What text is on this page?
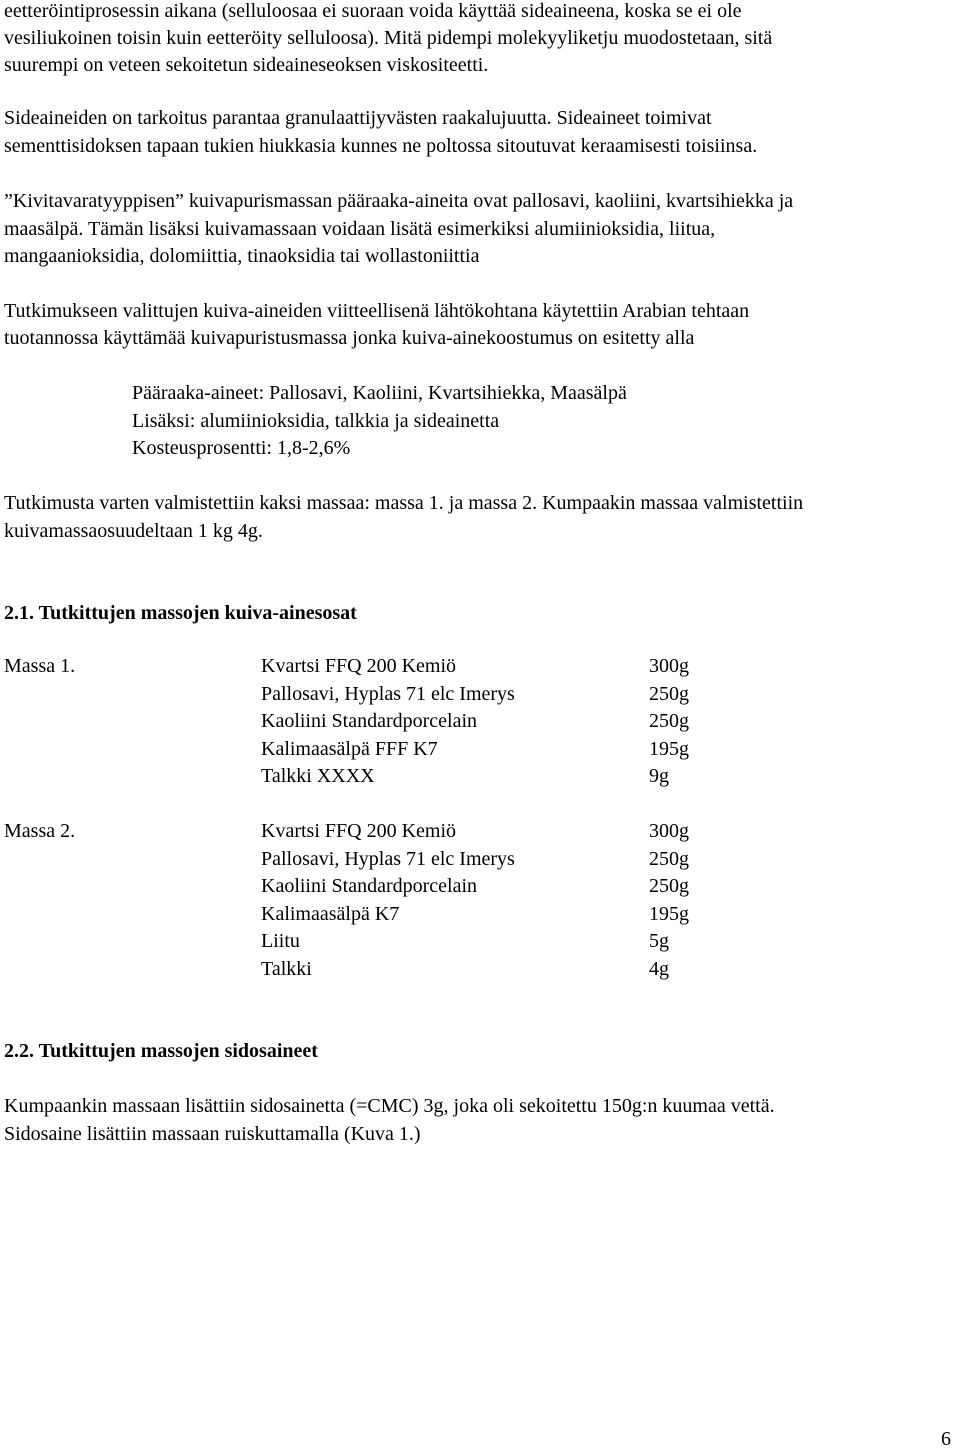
eetteröintiprosessin aikana (selluloosaa ei suoraan voida käyttää sideaineena, koska se ei ole
vesiliukoinen toisin kuin eetteröity selluloosa). Mitä pidempi molekyyliketju muodostetaan, sitä
suurempi on veteen sekoitetun sideaineseoksen viskositeetti.
Sideaineiden on tarkoitus parantaa granulaattijyvästen raakalujuutta. Sideaineet toimivat
sementtisidoksen tapaan tukien hiukkasia kunnes ne poltossa sitoutuvat keraamisesti toisiinsa.
”Kivitavaratyyppisen” kuivapurismassan pääraaka-aineita ovat pallosavi, kaoliini, kvartsihiekka ja
maasälpä. Tämän lisäksi kuivamassaan voidaan lisätä esimerkiksi alumiinioksidia, liitua,
mangaanioksidia, dolomiittia, tinaoksidia tai wollastoniittia
Tutkimukseen valittujen kuiva-aineiden viitteellisenä lähtökohtana käytettiin Arabian tehtaan
tuotannossa käyttämää kuivapuristusmassa jonka kuiva-ainekoostumus on esitetty alla
Pääraaka-aineet: Pallosavi, Kaoliini, Kvartsihiekka, Maasälpä
Lisäksi: alumiinioksidia, talkkia ja sideainetta
Kosteusprosentti: 1,8-2,6%
Tutkimusta varten valmistettiin kaksi massaa: massa 1. ja massa 2. Kumpaakin massaa valmistettiin
kuivamassaosuudeltaan 1 kg 4g.
2.1. Tutkittujen massojen kuiva-ainesosat
Massa 1.	Kvartsi FFQ 200 Kemiö	300g
Pallosavi, Hyplas 71 elc Imerys	250g
Kaoliini Standardporcelain	250g
Kalimaasälpä FFF K7	195g
Talkki XXXX	9g
Massa 2.	Kvartsi FFQ 200 Kemiö	300g
Pallosavi, Hyplas 71 elc Imerys	250g
Kaoliini Standardporcelain	250g
Kalimaasälpä K7	195g
Liitu	5g
Talkki	4g
2.2. Tutkittujen massojen sidosaineet
Kumpaankin massaan lisättiin sidosainetta (=CMC) 3g, joka oli sekoitettu 150g:n kuumaa vettä.
Sidosaine lisättiin massaan ruiskuttamalla (Kuva 1.)
6
